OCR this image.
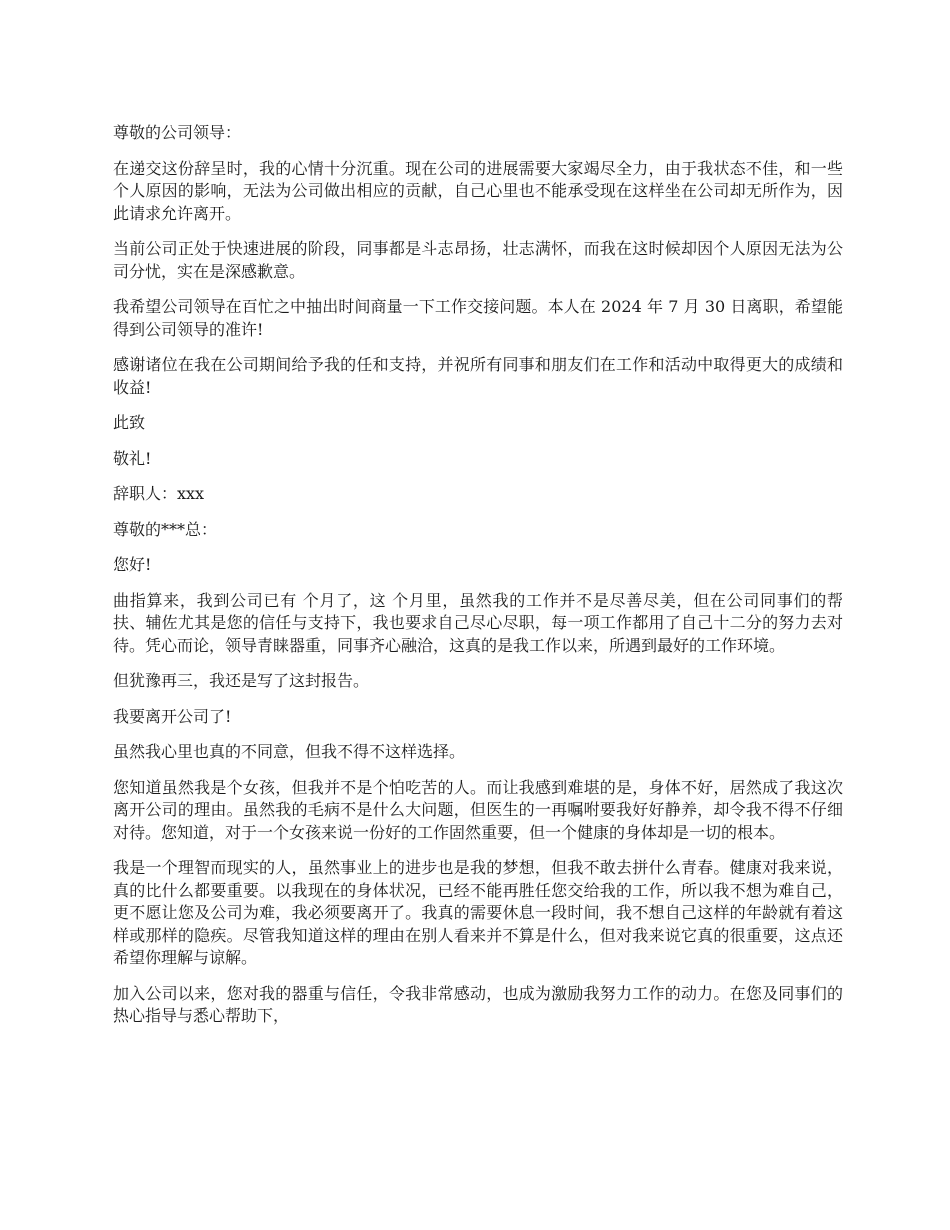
尊敬的公司领导：

在递交这份辞呈时，我的心情十分沉重。现在公司的进展需要大家竭尽全力，由于我状态不佳，和一些个人原因的影响，无法为公司做出相应的贡献，自己心里也不能承受现在这样坐在公司却无所作为，因此请求允许离开。

当前公司正处于快速进展的阶段，同事都是斗志昂扬，壮志满怀，而我在这时候却因个人原因无法为公司分忧，实在是深感歉意。

我希望公司领导在百忙之中抽出时间商量一下工作交接问题。本人在 2024 年 7 月 30 日离职，希望能得到公司领导的准许!

感谢诸位在我在公司期间给予我的任和支持，并祝所有同事和朋友们在工作和活动中取得更大的成绩和收益!

此致

敬礼!

辞职人：xxx

尊敬的***总：

您好!

曲指算来，我到公司已有 个月了，这 个月里，虽然我的工作并不是尽善尽美，但在公司同事们的帮扶、辅佐尤其是您的信任与支持下，我也要求自己尽心尽职，每一项工作都用了自己十二分的努力去对待。凭心而论，领导青睐器重，同事齐心融洽，这真的是我工作以来，所遇到最好的工作环境。

但犹豫再三，我还是写了这封报告。

我要离开公司了!

虽然我心里也真的不同意，但我不得不这样选择。

您知道虽然我是个女孩，但我并不是个怕吃苦的人。而让我感到难堪的是，身体不好，居然成了我这次离开公司的理由。虽然我的毛病不是什么大问题，但医生的一再嘱咐要我好好静养，却令我不得不仔细对待。您知道，对于一个女孩来说一份好的工作固然重要，但一个健康的身体却是一切的根本。

我是一个理智而现实的人，虽然事业上的进步也是我的梦想，但我不敢去拼什么青春。健康对我来说，真的比什么都要重要。以我现在的身体状况，已经不能再胜任您交给我的工作，所以我不想为难自己，更不愿让您及公司为难，我必须要离开了。我真的需要休息一段时间，我不想自己这样的年龄就有着这样或那样的隐疾。尽管我知道这样的理由在别人看来并不算是什么，但对我来说它真的很重要，这点还希望你理解与谅解。

加入公司以来，您对我的器重与信任，令我非常感动，也成为激励我努力工作的动力。在您及同事们的热心指导与悉心帮助下，
